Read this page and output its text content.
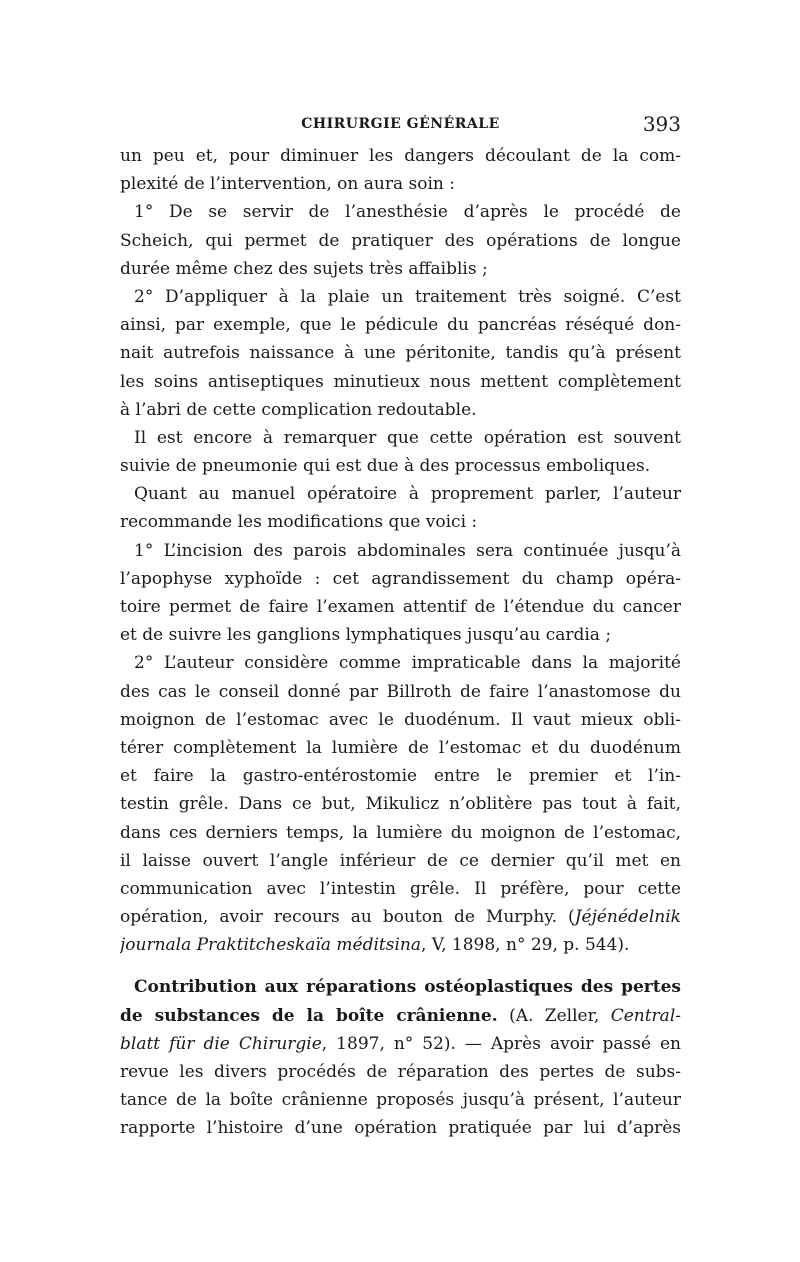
CHIRURGIE GÉNÉRALE	393
un peu et, pour diminuer les dangers découlant de la com-
plexité de l’intervention, on aura soin :
1° De se servir de l’anesthésie d’après le procédé de
Scheich, qui permet de pratiquer des opérations de longue
durée même chez des sujets très affaiblis ;
2° D’appliquer à la plaie un traitement très soigné. C’est
ainsi, par exemple, que le pédicule du pancréas réséqué don-
nait autrefois naissance à une péritonite, tandis qu’à présent
les soins antiseptiques minutieux nous mettent complètement
à l’abri de cette complication redoutable.
Il est encore à remarquer que cette opération est souvent
suivie de pneumonie qui est due à des processus emboliques.
Quant au manuel opératoire à proprement parler, l’auteur
recommande les modifications que voici :
1° L’incision des parois abdominales sera continuée jusqu’à
l’apophyse xyphoïde : cet agrandissement du champ opéra-
toire permet de faire l’examen attentif de l’étendue du cancer
et de suivre les ganglions lymphatiques jusqu’au cardia ;
2° L’auteur considère comme impraticable dans la majorité
des cas le conseil donné par Billroth de faire l’anastomose du
moignon de l’estomac avec le duodénum. Il vaut mieux obli-
térer complètement la lumière de l’estomac et du duodénum
et faire la gastro-entérostomie entre le premier et l’in-
testin grêle. Dans ce but, Mikulicz n’oblitère pas tout à fait,
dans ces derniers temps, la lumière du moignon de l’estomac,
il laisse ouvert l’angle inférieur de ce dernier qu’il met en
communication avec l’intestin grêle. Il préfère, pour cette
opération, avoir recours au bouton de Murphy. (Jéjénédelnik
journala Praktitcheskaïa méditsina, V, 1898, n° 29, p. 544).
Contribution aux réparations ostéoplastiques des pertes
de substances de la boîte crânienne. (A. Zeller, Central-
blatt für die Chirurgie, 1897, n° 52). — Après avoir passé en
revue les divers procédés de réparation des pertes de subs-
tance de la boîte crânienne proposés jusqu’à présent, l’auteur
rapporte l’histoire d’une opération pratiquée par lui d’après
